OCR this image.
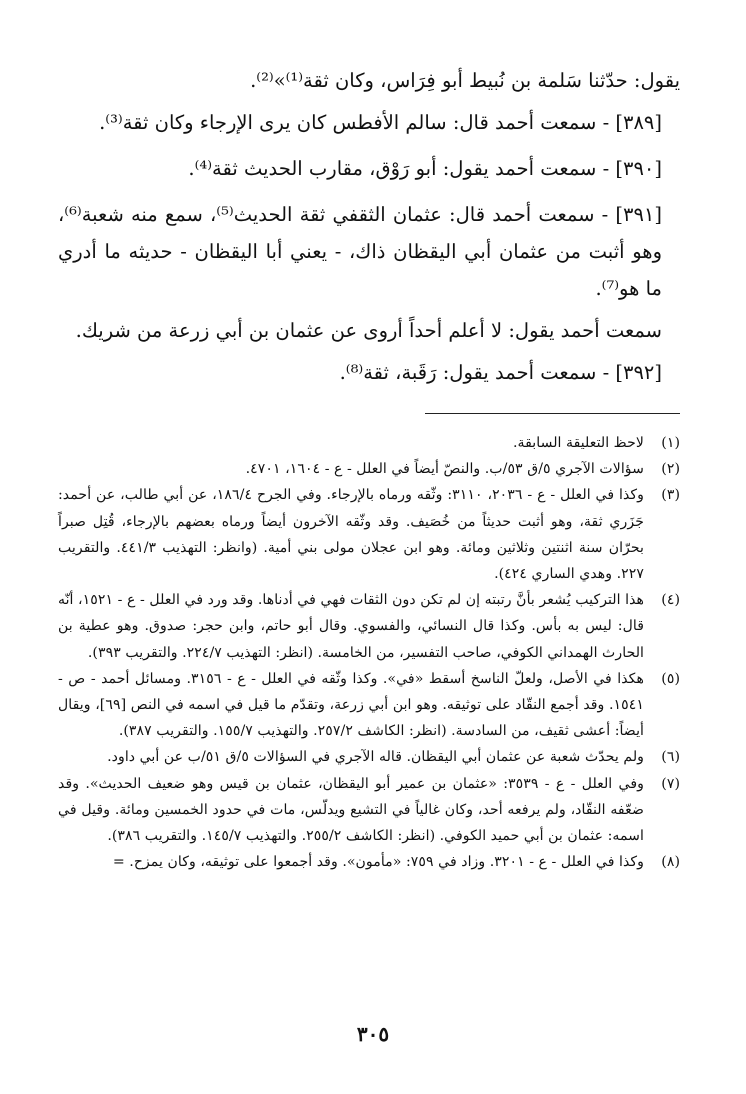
يقول: حدّثنا سَلمة بن نُبيط أبو فِرَاس، وكان ثقة⁽¹⁾»⁽²⁾.

[٣٨٩] - سمعت أحمد قال: سالم الأفطس كان يرى الإرجاء وكان ثقة⁽³⁾.

[٣٩٠] - سمعت أحمد يقول: أبو رَوْق، مقارب الحديث ثقة⁽⁴⁾.

[٣٩١] - سمعت أحمد قال: عثمان الثقفي ثقة الحديث⁽⁵⁾، سمع منه شعبة⁽⁶⁾، وهو أثبت من عثمان أبي اليقظان ذاك، - يعني أبا اليقظان - حديثه ما أدري ما هو⁽⁷⁾.

سمعت أحمد يقول: لا أعلم أحداً أروى عن عثمان بن أبي زرعة من شريك.

[٣٩٢] - سمعت أحمد يقول: رَقَبة، ثقة⁽⁸⁾.

(١)
لاحظ التعليقة السابقة.
(٢)
سؤالات الآجري ٥/ق ٥٣/ب. والنصّ أيضاً في العلل - ع - ١٦٠٤، ٤٧٠١.
(٣)
وكذا في العلل - ع - ٢٠٣٦، ٣١١٠: وثّقه ورماه بالإرجاء. وفي الجرح ١٨٦/٤، عن أبي طالب، عن أحمد: جَزَري ثقة، وهو أثبت حديثاً من خُصَيف. وقد وثّقه الآخرون أيضاً ورماه بعضهم بالإرجاء، قُتِل صبراً بحرّان سنة اثنتين وثلاثين ومائة. وهو ابن عجلان مولى بني أمية. (وانظر: التهذيب ٤٤١/٣. والتقريب ٢٢٧. وهدي الساري ٤٢٤).
(٤)
هذا التركيب يُشعر بأنَّ رتبته إن لم تكن دون الثقات فهي في أدناها. وقد ورد في العلل - ع - ١٥٢١، أنّه قال: ليس به بأس. وكذا قال النسائي، والفسوي. وقال أبو حاتم، وابن حجر: صدوق. وهو عطية بن الحارث الهمداني الكوفي، صاحب التفسير، من الخامسة. (انظر: التهذيب ٢٢٤/٧. والتقريب ٣٩٣).
(٥)
هكذا في الأصل، ولعلّ الناسخ أسقط «في». وكذا وثّقه في العلل - ع - ٣١٥٦. ومسائل أحمد - ص - ١٥٤١. وقد أجمع النقّاد على توثيقه. وهو ابن أبي زرعة، وتقدّم ما قيل في اسمه في النص [٦٩]، ويقال أيضاً: أعشى ثقيف، من السادسة. (انظر: الكاشف ٢٥٧/٢. والتهذيب ١٥٥/٧. والتقريب ٣٨٧).
(٦)
ولم يحدّث شعبة عن عثمان أبي اليقظان. قاله الآجري في السؤالات ٥/ق ٥١/ب عن أبي داود.
(٧)
وفي العلل - ع - ٣٥٣٩: «عثمان بن عمير أبو اليقظان، عثمان بن قيس وهو ضعيف الحديث». وقد ضعّفه النقّاد، ولم يرفعه أحد، وكان غالياً في التشيع ويدلّس، مات في حدود الخمسين ومائة. وقيل في اسمه: عثمان بن أبي حميد الكوفي. (انظر: الكاشف ٢٥٥/٢. والتهذيب ١٤٥/٧. والتقريب ٣٨٦).
(٨)
وكذا في العلل - ع - ٣٢٠١. وزاد في ٧٥٩: «مأمون». وقد أجمعوا على توثيقه، وكان يمزح. =
٣٠٥
